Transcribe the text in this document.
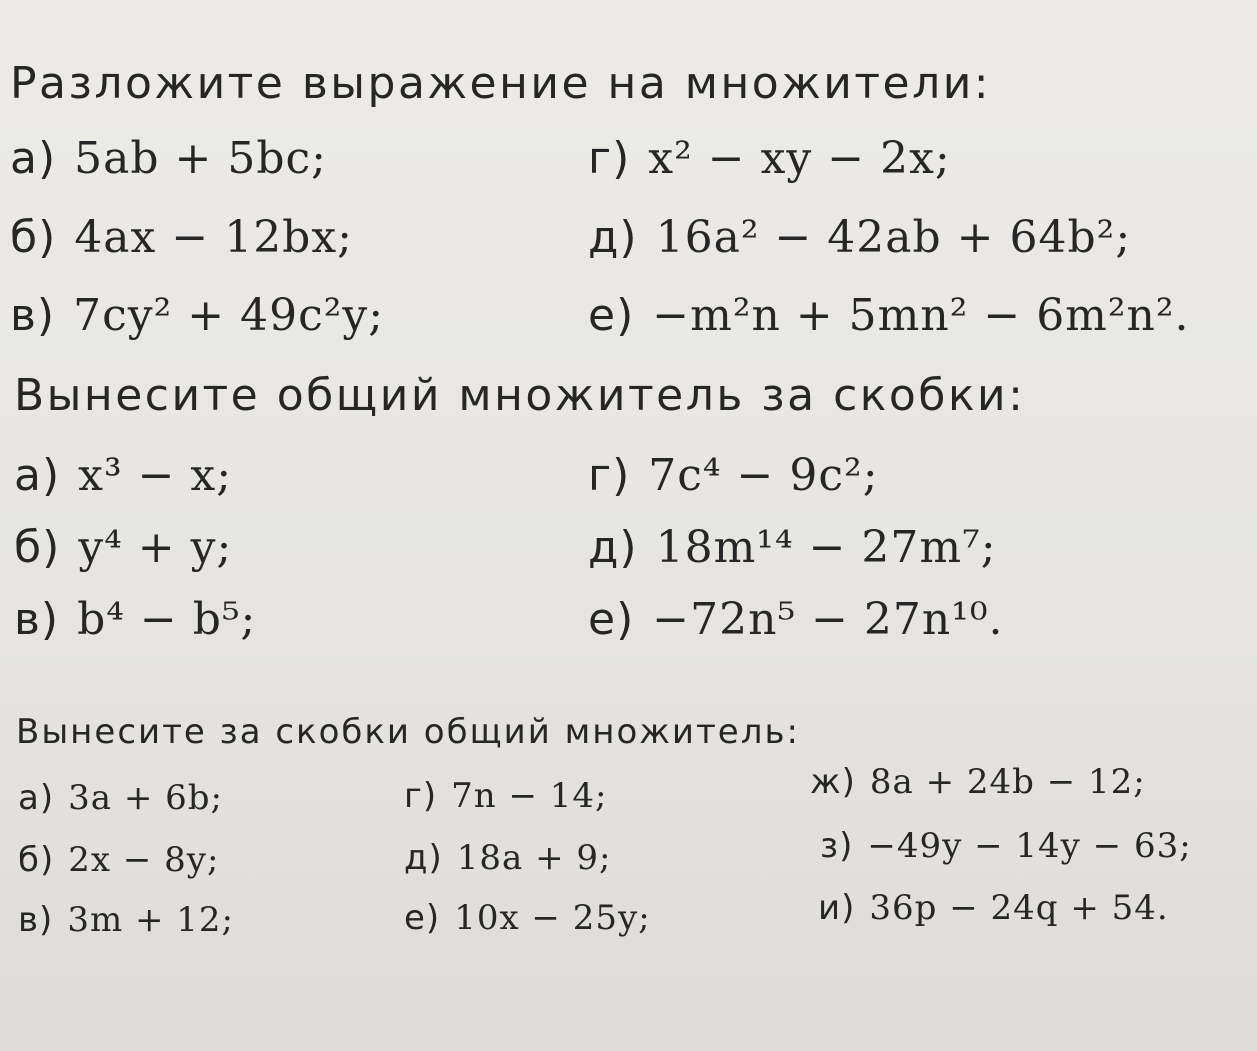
Разложите выражение на множители:
а) 5ab + 5bc;
б) 4ax − 12bx;
в) 7cy² + 49c²y;
г) x² − xy − 2x;
д) 16a² − 42ab + 64b²;
е) −m²n + 5mn² − 6m²n².
Вынесите общий множитель за скобки:
а) x³ − x;
б) y⁴ + y;
в) b⁴ − b⁵;
г) 7c⁴ − 9c²;
д) 18m¹⁴ − 27m⁷;
е) −72n⁵ − 27n¹⁰.
Вынесите за скобки общий множитель:
а) 3a + 6b;
б) 2x − 8y;
в) 3m + 12;
г) 7n − 14;
д) 18a + 9;
е) 10x − 25y;
ж) 8a + 24b − 12;
з) −49y − 14y − 63;
и) 36p − 24q + 54.
